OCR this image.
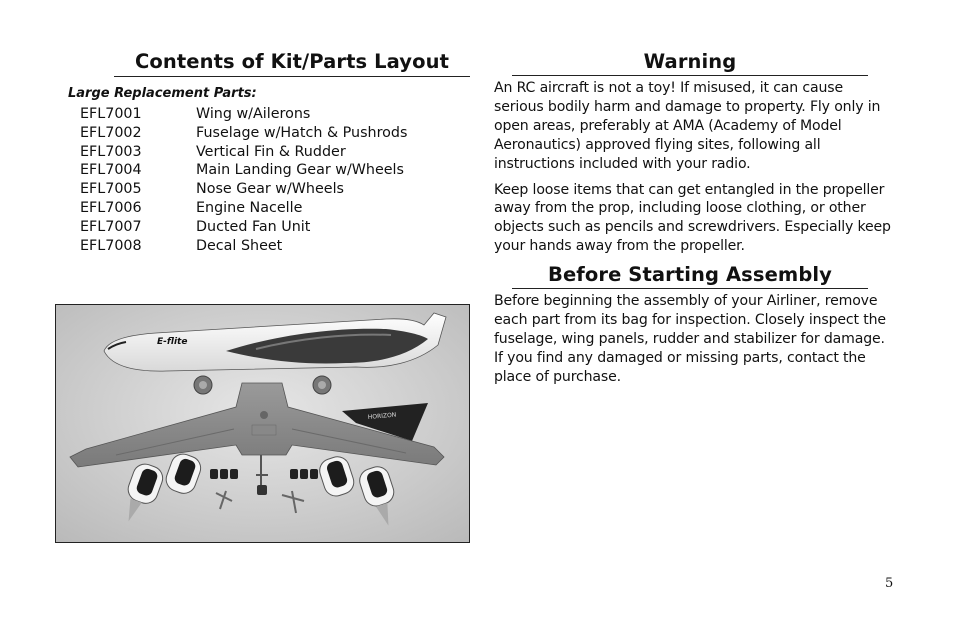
Contents of Kit/Parts Layout
Large Replacement Parts:
EFL7001	Wing w/Ailerons
EFL7002	Fuselage w/Hatch & Pushrods
EFL7003	Vertical Fin & Rudder
EFL7004	Main Landing Gear w/Wheels
EFL7005	Nose Gear w/Wheels
EFL7006	Engine Nacelle
EFL7007	Ducted Fan Unit
EFL7008	Decal Sheet
E-flite
HORIZON
Warning

An RC aircraft is not a toy! If misused, it can cause serious bodily harm and damage to property. Fly only in open areas, preferably at AMA (Academy of Model Aeronautics) approved flying sites, following all instructions included with your radio.

Keep loose items that can get entangled in the propeller away from the prop, including loose clothing, or other objects such as pencils and screwdrivers. Especially keep your hands away from the propeller.

Before Starting Assembly

Before beginning the assembly of your Airliner, remove each part from its bag for inspection. Closely inspect the fuselage, wing panels, rudder and stabilizer for damage. If you find any damaged or missing parts, contact the place of purchase.

5
